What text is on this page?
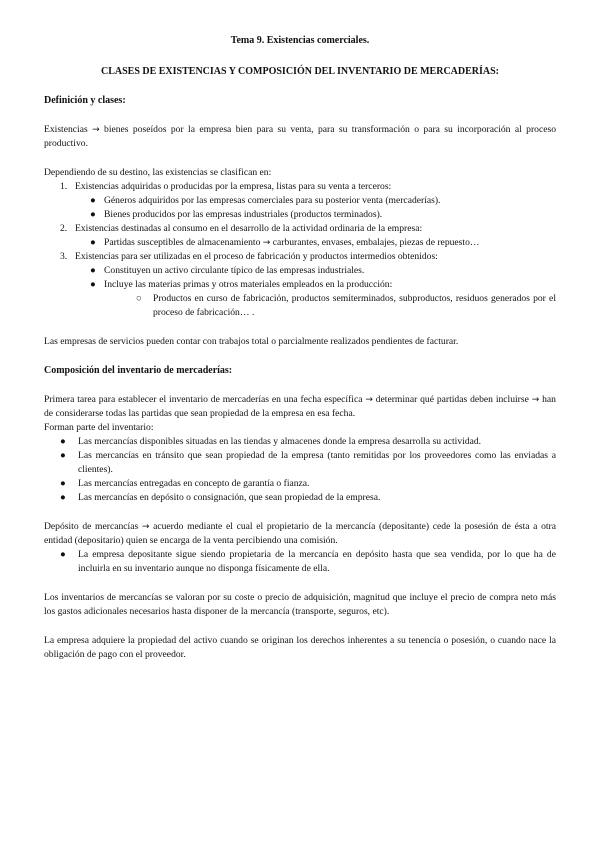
Tema 9. Existencias comerciales.

CLASES DE EXISTENCIAS Y COMPOSICIÓN DEL INVENTARIO DE MERCADERÍAS:

Definición y clases:

Existencias → bienes poseídos por la empresa bien para su venta, para su transformación o para su incorporación al proceso productivo.

Dependiendo de su destino, las existencias se clasifican en:

1. Existencias adquiridas o producidas por la empresa, listas para su venta a terceros:
● Géneros adquiridos por las empresas comerciales para su posterior venta (mercaderías).
● Bienes producidos por las empresas industriales (productos terminados).
2. Existencias destinadas al consumo en el desarrollo de la actividad ordinaria de la empresa:
● Partidas susceptibles de almacenamiento → carburantes, envases, embalajes, piezas de repuesto…
3. Existencias para ser utilizadas en el proceso de fabricación y productos intermedios obtenidos:
● Constituyen un activo circulante típico de las empresas industriales.
● Incluye las materias primas y otros materiales empleados en la producción:
○ Productos en curso de fabricación, productos semiterminados, subproductos, residuos generados por el proceso de fabricación… .

Las empresas de servicios pueden contar con trabajos total o parcialmente realizados pendientes de facturar.

Composición del inventario de mercaderías:

Primera tarea para establecer el inventario de mercaderías en una fecha específica → determinar qué partidas deben incluirse → han de considerarse todas las partidas que sean propiedad de la empresa en esa fecha.

Forman parte del inventario:

● Las mercancías disponibles situadas en las tiendas y almacenes donde la empresa desarrolla su actividad.
● Las mercancías en tránsito que sean propiedad de la empresa (tanto remitidas por los proveedores como las enviadas a clientes).
● Las mercancías entregadas en concepto de garantía o fianza.
● Las mercancías en depósito o consignación, que sean propiedad de la empresa.

Depósito de mercancías → acuerdo mediante el cual el propietario de la mercancía (depositante) cede la posesión de ésta a otra entidad (depositario) quien se encarga de la venta percibiendo una comisión.

● La empresa depositante sigue siendo propietaria de la mercancía en depósito hasta que sea vendida, por lo que ha de incluirla en su inventario aunque no disponga físicamente de ella.

Los inventarios de mercancías se valoran por su coste o precio de adquisición, magnitud que incluye el precio de compra neto más los gastos adicionales necesarios hasta disponer de la mercancía (transporte, seguros, etc).

La empresa adquiere la propiedad del activo cuando se originan los derechos inherentes a su tenencia o posesión, o cuando nace la obligación de pago con el proveedor.
